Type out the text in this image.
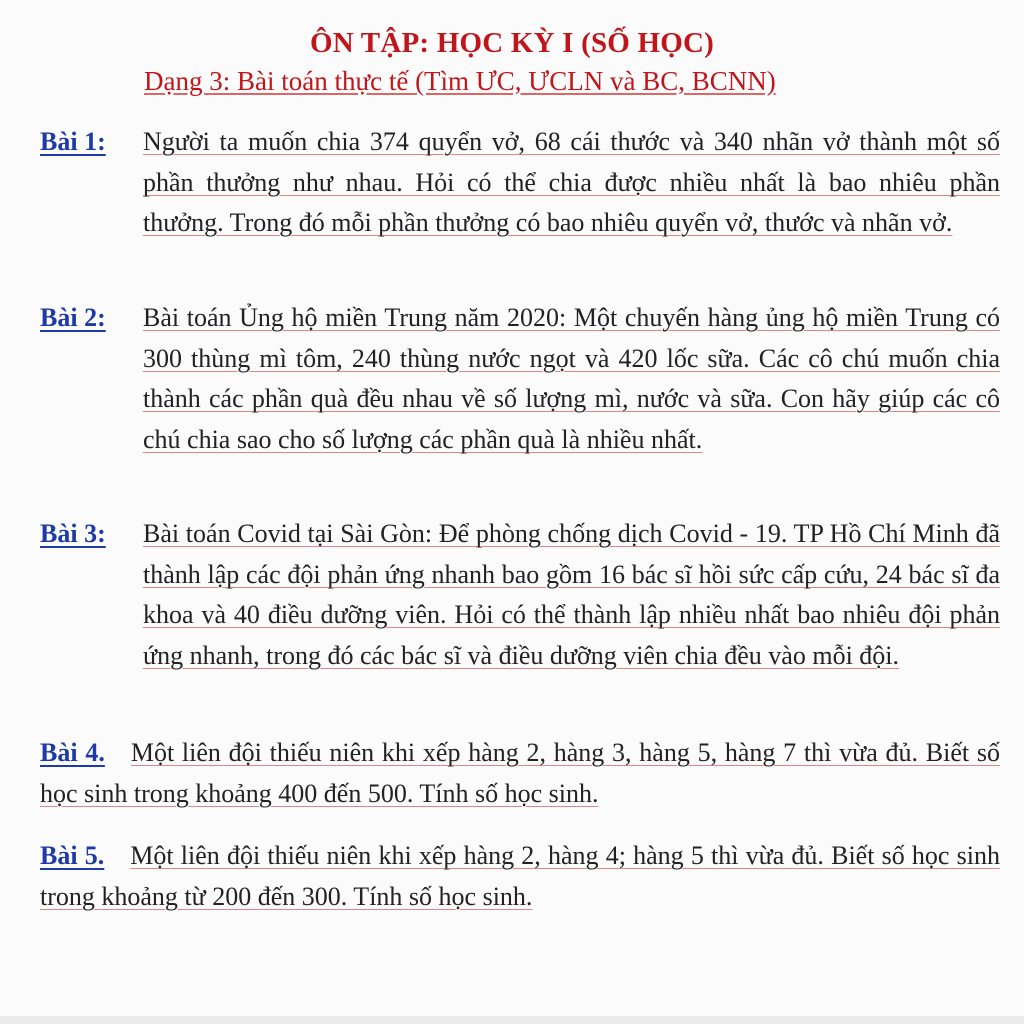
ÔN TẬP: HỌC KỲ I (SỐ HỌC)
Dạng 3: Bài toán thực tế (Tìm ƯC, ƯCLN và BC, BCNN)
Bài 1: Người ta muốn chia 374 quyển vở, 68 cái thước và 340 nhãn vở thành một số phần thưởng như nhau. Hỏi có thể chia được nhiều nhất là bao nhiêu phần thưởng. Trong đó mỗi phần thưởng có bao nhiêu quyển vở, thước và nhãn vở.
Bài 2: Bài toán Ủng hộ miền Trung năm 2020: Một chuyến hàng ủng hộ miền Trung có 300 thùng mì tôm, 240 thùng nước ngọt và 420 lốc sữa. Các cô chú muốn chia thành các phần quà đều nhau về số lượng mì, nước và sữa. Con hãy giúp các cô chú chia sao cho số lượng các phần quà là nhiều nhất.
Bài 3: Bài toán Covid tại Sài Gòn: Để phòng chống dịch Covid - 19. TP Hồ Chí Minh đã thành lập các đội phản ứng nhanh bao gồm 16 bác sĩ hồi sức cấp cứu, 24 bác sĩ đa khoa và 40 điều dưỡng viên. Hỏi có thể thành lập nhiều nhất bao nhiêu đội phản ứng nhanh, trong đó các bác sĩ và điều dưỡng viên chia đều vào mỗi đội.
Bài 4. Một liên đội thiếu niên khi xếp hàng 2, hàng 3, hàng 5, hàng 7 thì vừa đủ. Biết số học sinh trong khoảng 400 đến 500. Tính số học sinh.
Bài 5. Một liên đội thiếu niên khi xếp hàng 2, hàng 4; hàng 5 thì vừa đủ. Biết số học sinh trong khoảng từ 200 đến 300. Tính số học sinh.
